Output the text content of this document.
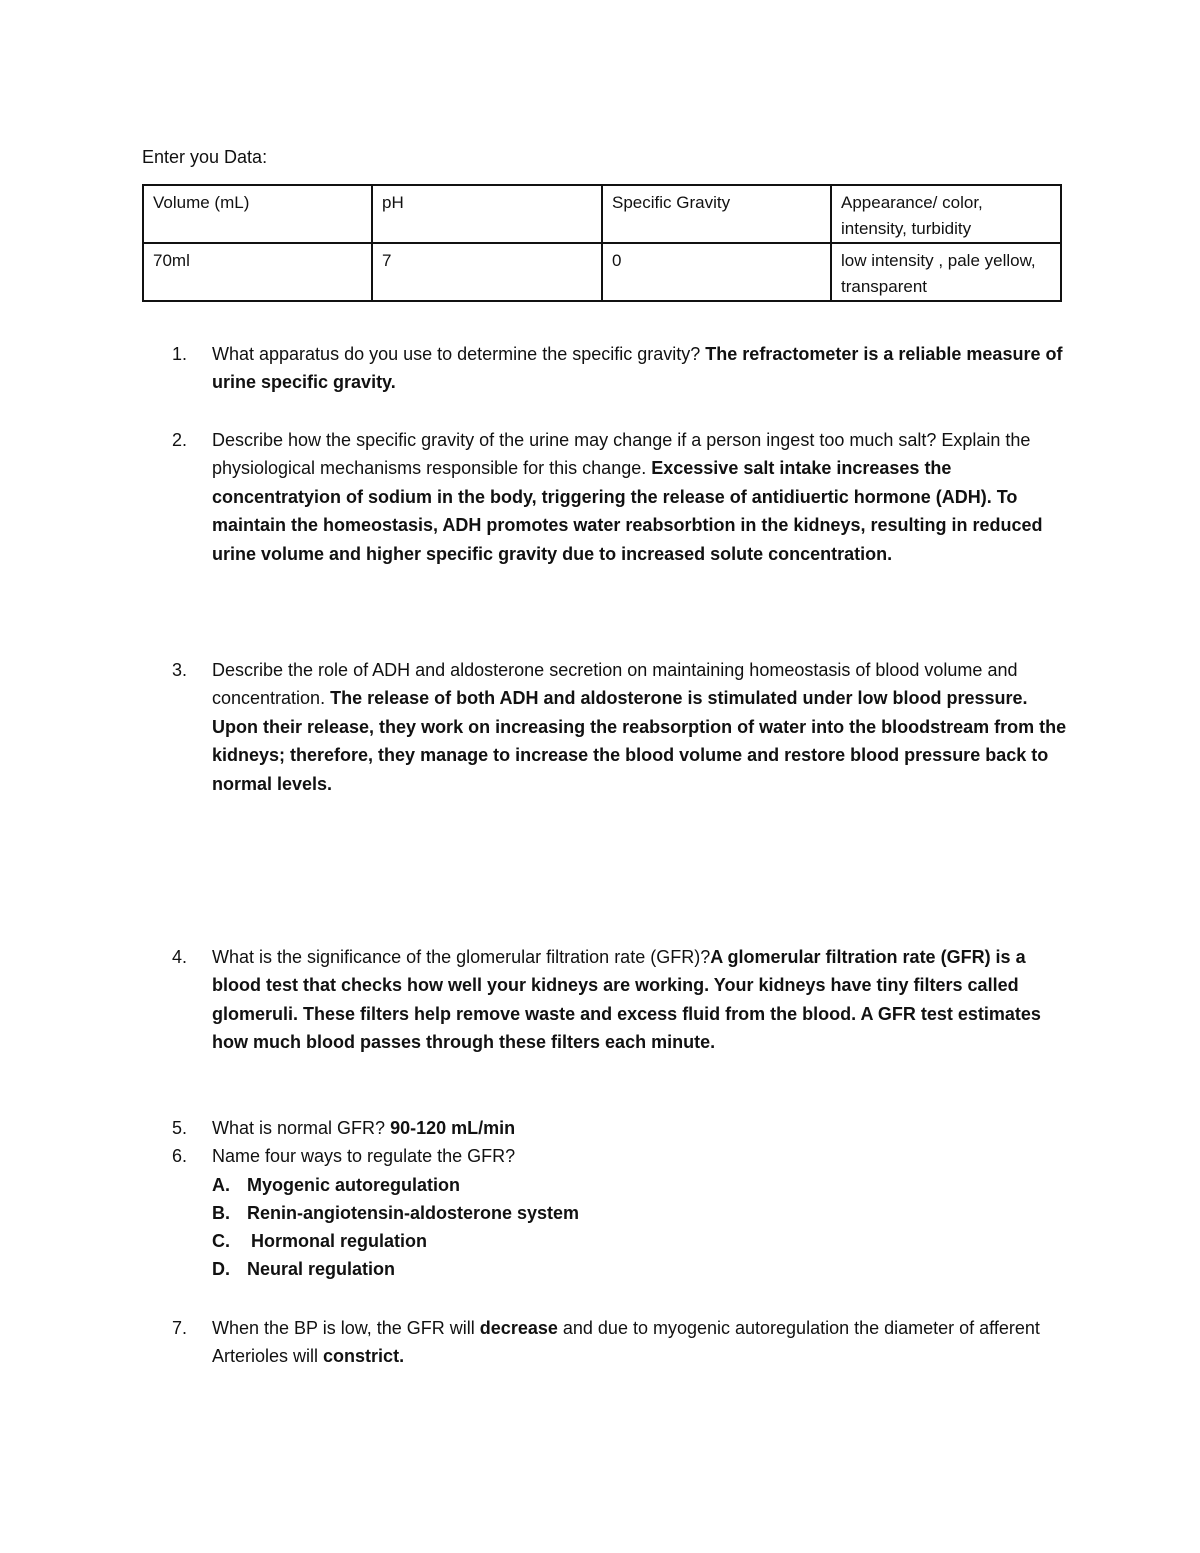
Enter you Data:
Volume (mL)	pH	Specific Gravity	Appearance/ color, intensity, turbidity
70ml	7	0	low intensity , pale yellow, transparent
1. What apparatus do you use to determine the specific gravity? The refractometer is a reliable measure of urine specific gravity.
2. Describe how the specific gravity of the urine may change if a person ingest too much salt? Explain the physiological mechanisms responsible for this change. Excessive salt intake increases the concentratyion of sodium in the body, triggering the release of antidiuertic hormone (ADH). To maintain the homeostasis, ADH promotes water reabsorbtion in the kidneys, resulting in reduced urine volume and higher specific gravity due to increased solute concentration.
3. Describe the role of ADH and aldosterone secretion on maintaining homeostasis of blood volume and concentration. The release of both ADH and aldosterone is stimulated under low blood pressure. Upon their release, they work on increasing the reabsorption of water into the bloodstream from the kidneys; therefore, they manage to increase the blood volume and restore blood pressure back to normal levels.
4. What is the significance of the glomerular filtration rate (GFR)?A glomerular filtration rate (GFR) is a blood test that checks how well your kidneys are working. Your kidneys have tiny filters called glomeruli. These filters help remove waste and excess fluid from the blood. A GFR test estimates how much blood passes through these filters each minute.
5. What is normal GFR? 90-120 mL/min
6. Name four ways to regulate the GFR?
A. Myogenic autoregulation
B. Renin-angiotensin-aldosterone system
C. Hormonal regulation
D. Neural regulation
7. When the BP is low, the GFR will decrease and due to myogenic autoregulation the diameter of afferent Arterioles will constrict.
